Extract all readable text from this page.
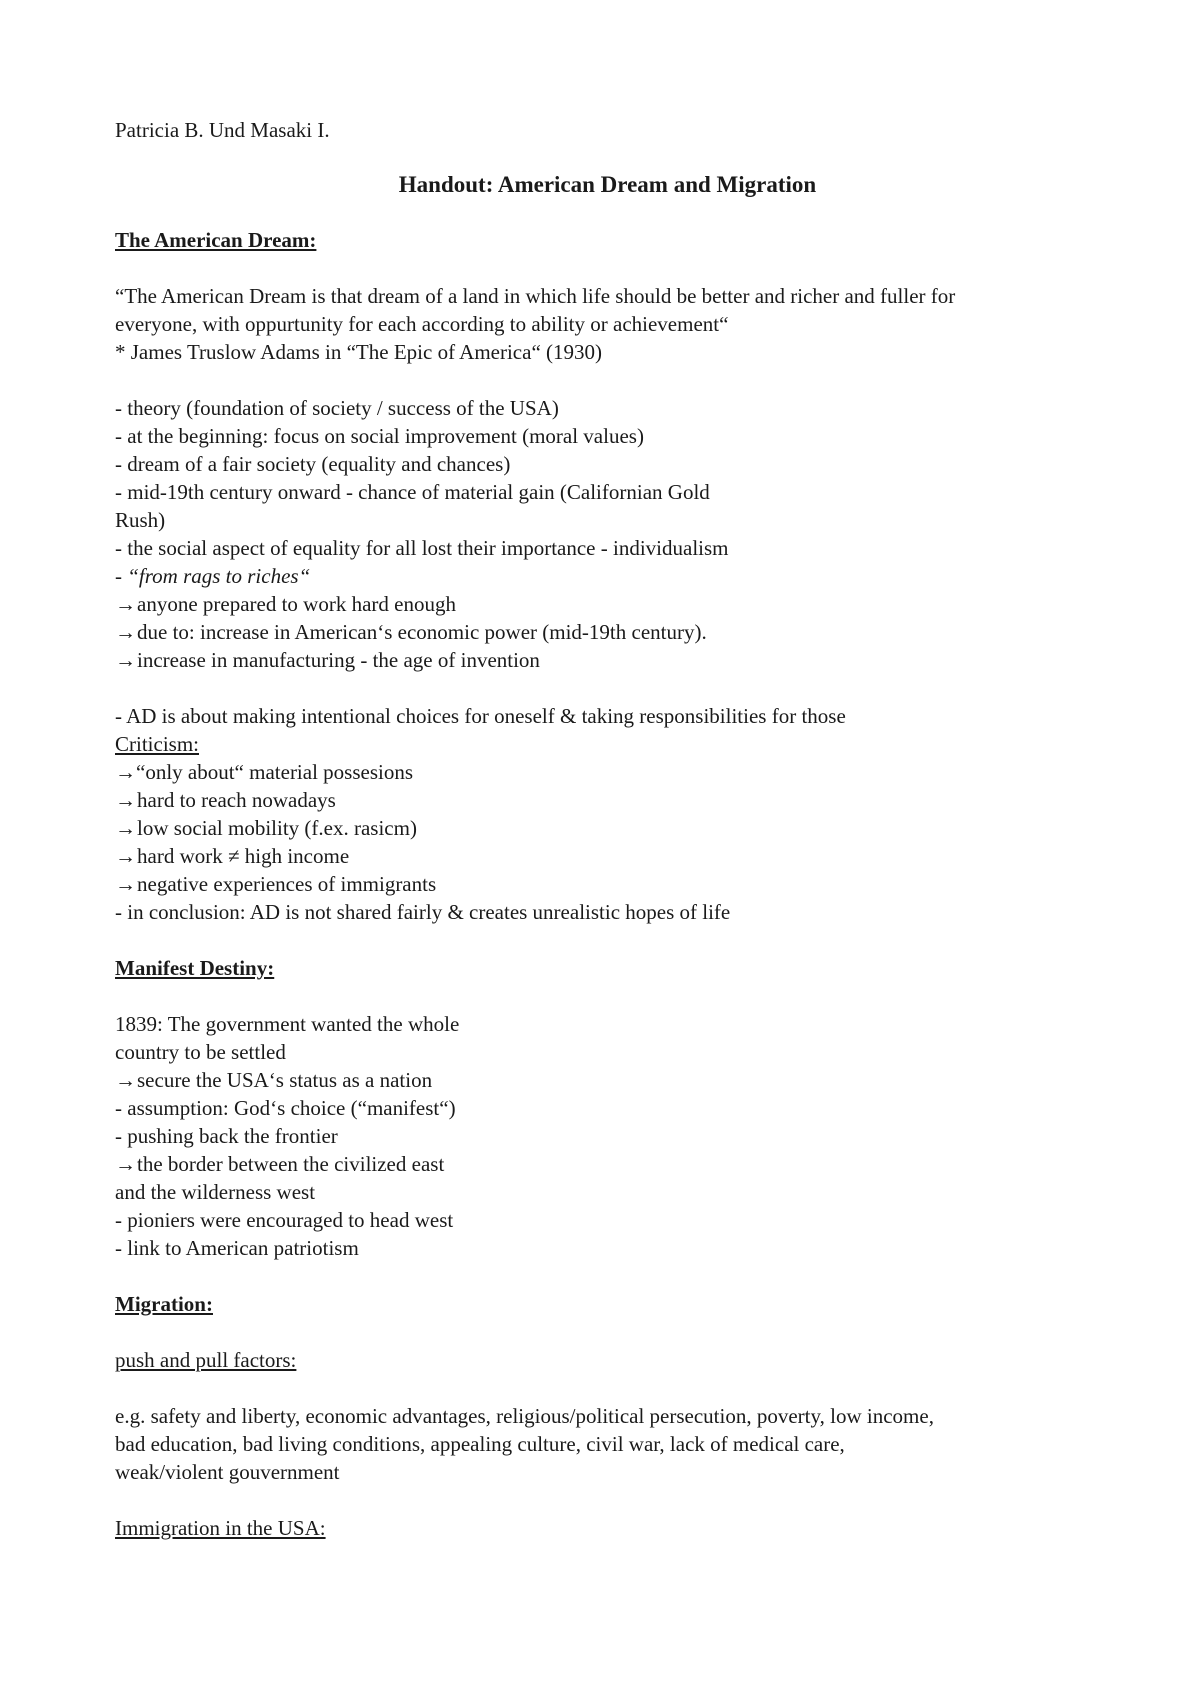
Patricia B. Und Masaki I.

Handout: American Dream and Migration

The American Dream:

“The American Dream is that dream of a land in which life should be better and richer and fuller for

everyone, with oppurtunity for each according to ability or achievement“

* James Truslow Adams in “The Epic of America“ (1930)

- theory (foundation of society / success of the USA)

- at the beginning: focus on social improvement (moral values)

- dream of a fair society (equality and chances)

- mid-19th century onward - chance of material gain (Californian Gold

Rush)

- the social aspect of equality for all lost their importance - individualism

- “from rags to riches“

→anyone prepared to work hard enough

→due to: increase in American‘s economic power (mid-19th century).

→increase in manufacturing - the age of invention

- AD is about making intentional choices for oneself & taking responsibilities for those

Criticism:

→“only about“ material possesions

→hard to reach nowadays

→low social mobility (f.ex. rasicm)

→hard work ≠ high income

→negative experiences of immigrants

- in conclusion: AD is not shared fairly & creates unrealistic hopes of life

Manifest Destiny:

1839: The government wanted the whole

country to be settled

→secure the USA‘s status as a nation

- assumption: God‘s choice (“manifest“)

- pushing back the frontier

→the border between the civilized east

and the wilderness west

- pioniers were encouraged to head west

- link to American patriotism

Migration:

push and pull factors:

e.g. safety and liberty, economic advantages, religious/political persecution, poverty, low income,

bad education, bad living conditions, appealing culture, civil war, lack of medical care,

weak/violent gouvernment

Immigration in the USA:
